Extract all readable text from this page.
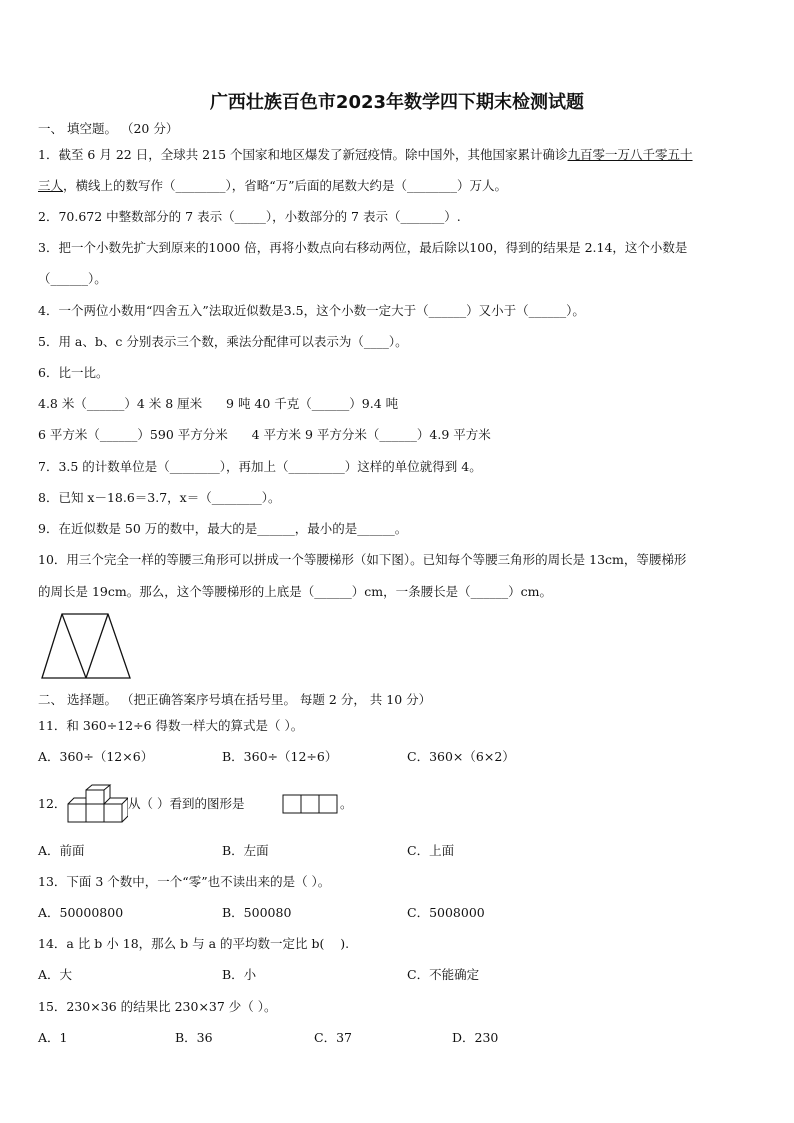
广西壮族百色市2023年数学四下期末检测试题
一、 填空题。 （20 分）
1．截至 6 月 22 日，全球共 215 个国家和地区爆发了新冠疫情。除中国外，其他国家累计确诊九百零一万八千零五十
三人，横线上的数写作（________），省略“万”后面的尾数大约是（________）万人。
2．70.672 中整数部分的 7 表示（_____），小数部分的 7 表示（_______）.
3．把一个小数先扩大到原来的1000 倍，再将小数点向右移动两位，最后除以100，得到的结果是 2.14，这个小数是
（______）。
4．一个两位小数用“四舍五入”法取近似数是3.5，这个小数一定大于（______）又小于（______）。
5．用 a、b、c 分别表示三个数，乘法分配律可以表示为（____）。
6．比一比。
4.8 米（______）4 米 8 厘米      9 吨 40 千克（______）9.4 吨
6 平方米（______）590 平方分米      4 平方米 9 平方分米（______）4.9 平方米
7．3.5 的计数单位是（________），再加上（_________）这样的单位就得到 4。
8．已知 x－18.6＝3.7，x＝（________）。
9．在近似数是 50 万的数中，最大的是______，最小的是______。
10．用三个完全一样的等腰三角形可以拼成一个等腰梯形（如下图）。已知每个等腰三角形的周长是 13cm，等腰梯形
的周长是 19cm。那么，这个等腰梯形的上底是（______）cm，一条腰长是（______）cm。
二、 选择题。 （把正确答案序号填在括号里。 每题 2 分， 共 10 分）
11．和 360÷12÷6 得数一样大的算式是（ ）。
A．360÷（12×6）	B．360÷（12÷6）	C．360×（6×2）
12．	从（ ）看到的图形是	。
A．前面	B．左面	C．上面
13．下面 3 个数中，一个“零”也不读出来的是（ ）。
A．50000800	B．500080	C．5008000
14．a 比 b 小 18，那么 b 与 a 的平均数一定比 b(    ).
A．大	B．小	C．不能确定
15．230×36 的结果比 230×37 少（ ）。
A．1	B．36	C．37	D．230
